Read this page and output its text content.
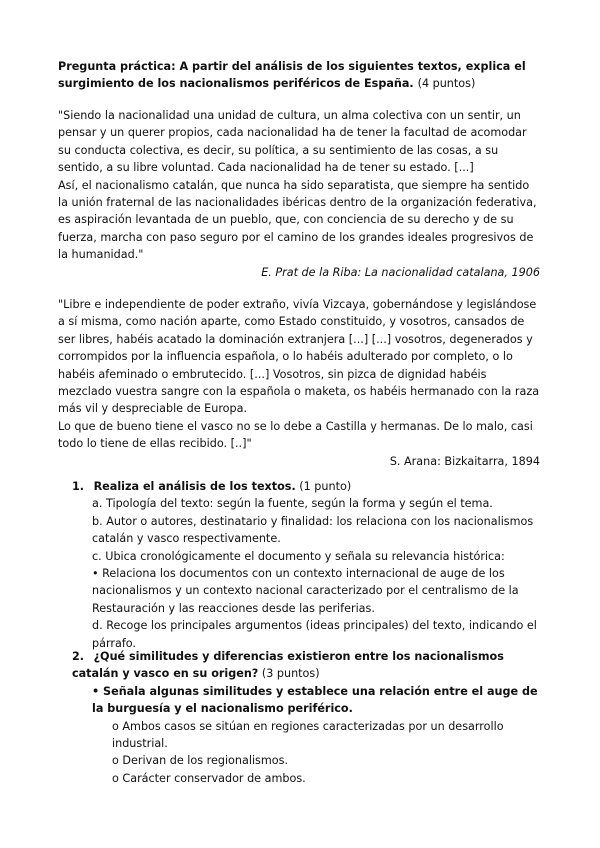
Pregunta práctica: A partir del análisis de los siguientes textos, explica el surgimiento de los nacionalismos periféricos de España. (4 puntos)

"Siendo la nacionalidad una unidad de cultura, un alma colectiva con un sentir, un pensar y un querer propios, cada nacionalidad ha de tener la facultad de acomodar su conducta colectiva, es decir, su política, a su sentimiento de las cosas, a su sentido, a su libre voluntad. Cada nacionalidad ha de tener su estado. [...]

Así, el nacionalismo catalán, que nunca ha sido separatista, que siempre ha sentido la unión fraternal de las nacionalidades ibéricas dentro de la organización federativa, es aspiración levantada de un pueblo, que, con conciencia de su derecho y de su fuerza, marcha con paso seguro por el camino de los grandes ideales progresivos de la humanidad."

E. Prat de la Riba: La nacionalidad catalana, 1906

"Libre e independiente de poder extraño, vivía Vizcaya, gobernándose y legislándose a sí misma, como nación aparte, como Estado constituido, y vosotros, cansados de ser libres, habéis acatado la dominación extranjera [...] [...] vosotros, degenerados y corrompidos por la influencia española, o lo habéis adulterado por completo, o lo habéis afeminado o embrutecido. [...] Vosotros, sin pizca de dignidad habéis mezclado vuestra sangre con la española o maketa, os habéis hermanado con la raza más vil y despreciable de Europa.

Lo que de bueno tiene el vasco no se lo debe a Castilla y hermanas. De lo malo, casi todo lo tiene de ellas recibido. [..]"

S. Arana: Bizkaitarra, 1894

1. Realiza el análisis de los textos. (1 punto)

a. Tipología del texto: según la fuente, según la forma y según el tema.

b. Autor o autores, destinatario y finalidad: los relaciona con los nacionalismos catalán y vasco respectivamente.

c. Ubica cronológicamente el documento y señala su relevancia histórica:

• Relaciona los documentos con un contexto internacional de auge de los nacionalismos y un contexto nacional caracterizado por el centralismo de la Restauración y las reacciones desde las periferias.

d. Recoge los principales argumentos (ideas principales) del texto, indicando el párrafo.

2. ¿Qué similitudes y diferencias existieron entre los nacionalismos catalán y vasco en su origen? (3 puntos)

• Señala algunas similitudes y establece una relación entre el auge de la burguesía y el nacionalismo periférico.

o Ambos casos se sitúan en regiones caracterizadas por un desarrollo industrial.

o Derivan de los regionalismos.

o Carácter conservador de ambos.
